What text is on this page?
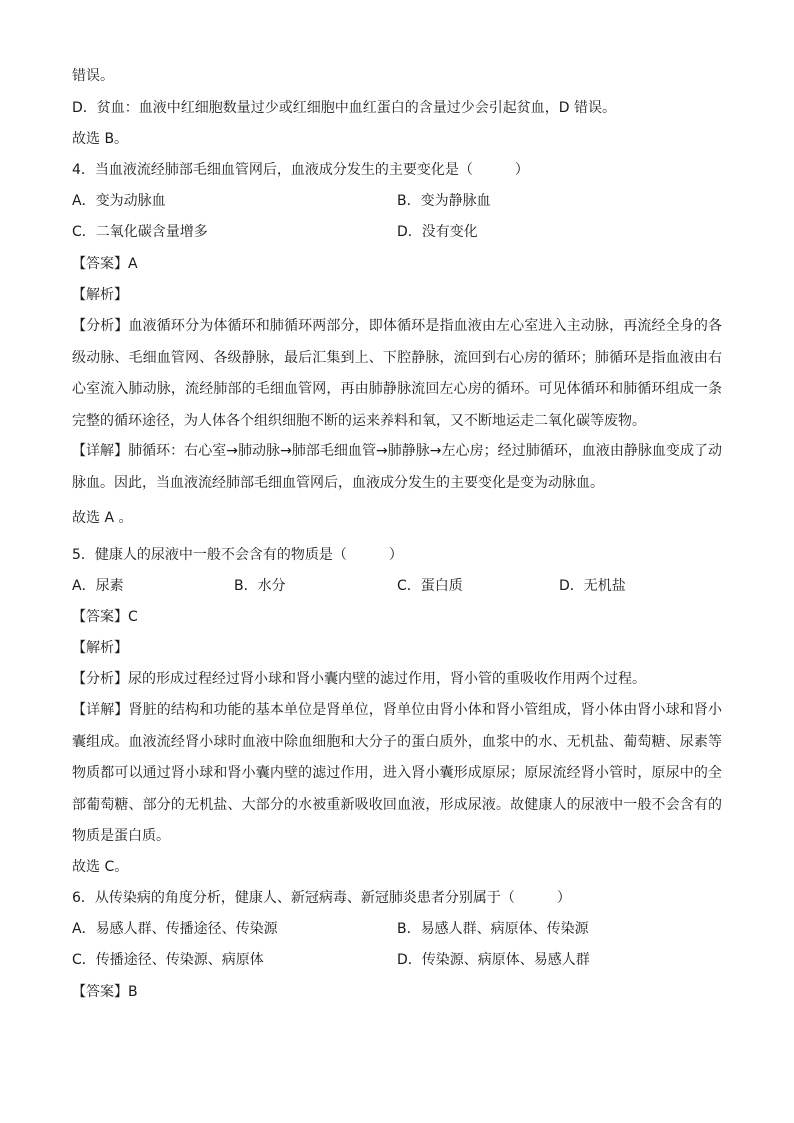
错误。
D．贫血：血液中红细胞数量过少或红细胞中血红蛋白的含量过少会引起贫血，D 错误。
故选 B。
4．当血液流经肺部毛细血管网后，血液成分发生的主要变化是（　　　）
A．变为动脉血	B．变为静脉血
C．二氧化碳含量增多	D．没有变化
【答案】A
【解析】
【分析】血液循环分为体循环和肺循环两部分，即体循环是指血液由左心室进入主动脉，再流经全身的各级动脉、毛细血管网、各级静脉，最后汇集到上、下腔静脉，流回到右心房的循环；肺循环是指血液由右心室流入肺动脉，流经肺部的毛细血管网，再由肺静脉流回左心房的循环。可见体循环和肺循环组成一条完整的循环途径，为人体各个组织细胞不断的运来养料和氧，又不断地运走二氧化碳等废物。
【详解】肺循环：右心室→肺动脉→肺部毛细血管→肺静脉→左心房；经过肺循环，血液由静脉血变成了动脉血。因此，当血液流经肺部毛细血管网后，血液成分发生的主要变化是变为动脉血。
故选 A 。
5．健康人的尿液中一般不会含有的物质是（　　　）
A．尿素	B．水分	C．蛋白质	D．无机盐
【答案】C
【解析】
【分析】尿的形成过程经过肾小球和肾小囊内壁的滤过作用，肾小管的重吸收作用两个过程。
【详解】肾脏的结构和功能的基本单位是肾单位，肾单位由肾小体和肾小管组成，肾小体由肾小球和肾小囊组成。血液流经肾小球时血液中除血细胞和大分子的蛋白质外，血浆中的水、无机盐、葡萄糖、尿素等物质都可以通过肾小球和肾小囊内壁的滤过作用，进入肾小囊形成原尿；原尿流经肾小管时，原尿中的全部葡萄糖、部分的无机盐、大部分的水被重新吸收回血液，形成尿液。故健康人的尿液中一般不会含有的物质是蛋白质。
故选 C。
6．从传染病的角度分析，健康人、新冠病毒、新冠肺炎患者分别属于（　　　）
A．易感人群、传播途径、传染源	B．易感人群、病原体、传染源
C．传播途径、传染源、病原体	D．传染源、病原体、易感人群
【答案】B
